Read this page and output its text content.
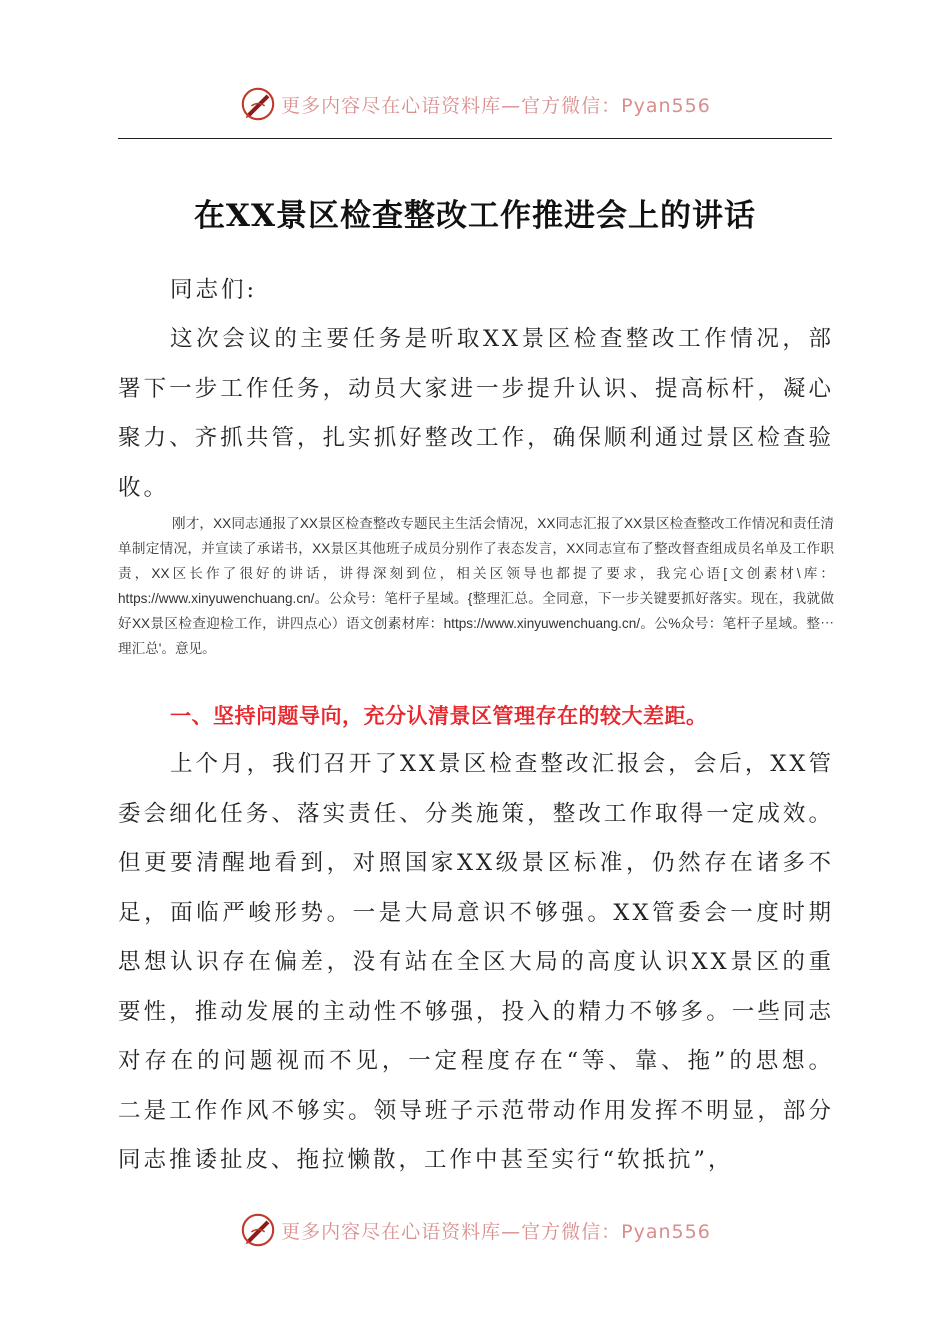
更多内容尽在心语资料库—官方微信：Pyan556
在XX景区检查整改工作推进会上的讲话

同志们:

这次会议的主要任务是听取XX景区检查整改工作情况，部署下一步工作任务，动员大家进一步提升认识、提高标杆，凝心聚力、齐抓共管，扎实抓好整改工作，确保顺利通过景区检查验收。

刚才，XX同志通报了XX景区检查整改专题民主生活会情况，XX同志汇报了XX景区检查整改工作情况和责任清单制定情况，并宣读了承诺书，XX景区其他班子成员分别作了表态发言，XX同志宣布了整改督查组成员名单及工作职责，XX区长作了很好的讲话，讲得深刻到位，相关区领导也都提了要求，我完心语[文创素材\库：https://www.xinyuwenchuang.cn/。公众号：笔杆子星域。{整理汇总。全同意，下一步关键要抓好落实。现在，我就做好XX景区检查迎检工作，讲四点心）语文创素材库：https://www.xinyuwenchuang.cn/。公%众号：笔杆子星域。整⋯理汇总'。意见。

一、坚持问题导向，充分认清景区管理存在的较大差距。

上个月，我们召开了XX景区检查整改汇报会，会后，XX管委会细化任务、落实责任、分类施策，整改工作取得一定成效。但更要清醒地看到，对照国家XX级景区标准，仍然存在诸多不足，面临严峻形势。一是大局意识不够强。XX管委会一度时期思想认识存在偏差，没有站在全区大局的高度认识XX景区的重要性，推动发展的主动性不够强，投入的精力不够多。一些同志对存在的问题视而不见，一定程度存在“等、靠、拖”的思想。二是工作作风不够实。领导班子示范带动作用发挥不明显，部分同志推诿扯皮、拖拉懒散，工作中甚至实行“软抵抗”，

更多内容尽在心语资料库—官方微信：Pyan556
